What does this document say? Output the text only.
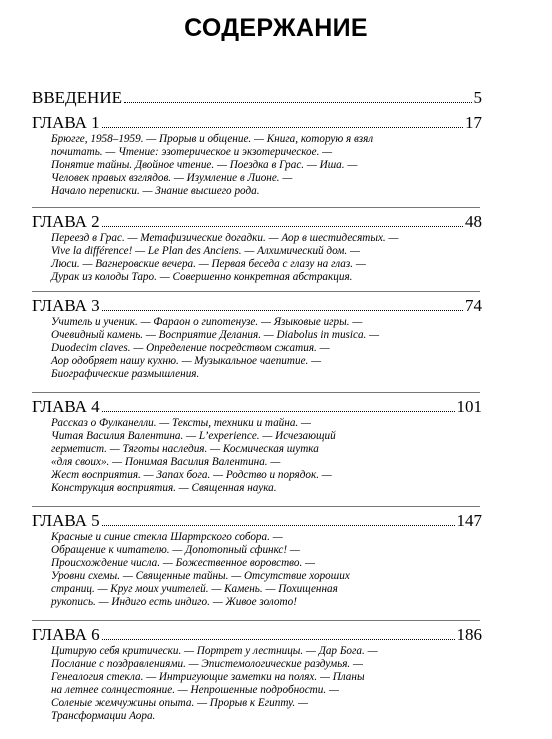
СОДЕРЖАНИЕ
ВВЕДЕНИЕ	5
ГЛАВА 1	17
Брюгге, 1958–1959. — Прорыв и общение. — Книга, которую я взял
почитать. — Чтение: эзотерическое и экзотерическое. —
Понятие тайны. Двойное чтение. — Поездка в Грас. — Иша. —
Человек правых взглядов. — Изумление в Лионе. —
Начало переписки. — Знание высшего рода.
ГЛАВА 2	48
Переезд в Грас. — Метафизические догадки. — Аор в шестидесятых. —
Vive la différence! — Le Plan des Anciens. — Алхимический дом. —
Люси. — Вагнеровские вечера. — Первая беседа с глазу на глаз. —
Дурак из колоды Таро. — Совершенно конкретная абстракция.
ГЛАВА 3	74
Учитель и ученик. — Фараон о гипотенузе. — Языковые игры. —
Очевидный камень. — Восприятие Делания. — Diabolus in musica. —
Duodecim claves. — Определение посредством сжатия. —
Аор одобряет нашу кухню. — Музыкальное чаепитие. —
Биографические размышления.
ГЛАВА 4	101
Рассказ о Фулканелли. — Тексты, техники и тайна. —
Читая Василия Валентина. — L’experience. — Исчезающий
герметист. — Тяготы наследия. — Космическая шутка
«для своих». — Понимая Василия Валентина. —
Жест восприятия. — Запах бога. — Родство и порядок. —
Конструкция восприятия. — Священная наука.
ГЛАВА 5	147
Красные и синие стекла Шартрского собора. —
Обращение к читателю. — Допотопный сфинкс! —
Происхождение числа. — Божественное воровство. —
Уровни схемы. — Священные тайны. — Отсутствие хороших
страниц. — Круг моих учителей. — Камень. — Похищенная
рукопись. — Индиго есть индиго. — Живое золото!
ГЛАВА 6	186
Цитирую себя критически. — Портрет у лестницы. — Дар Бога. —
Послание с поздравлениями. — Эпистемологические раздумья. —
Генеалогия стекла. — Интригующие заметки на полях. — Планы
на летнее солнцестояние. — Непрошенные подробности. —
Соленые жемчужины опыта. — Прорыв к Египту. —
Трансформации Аора.
